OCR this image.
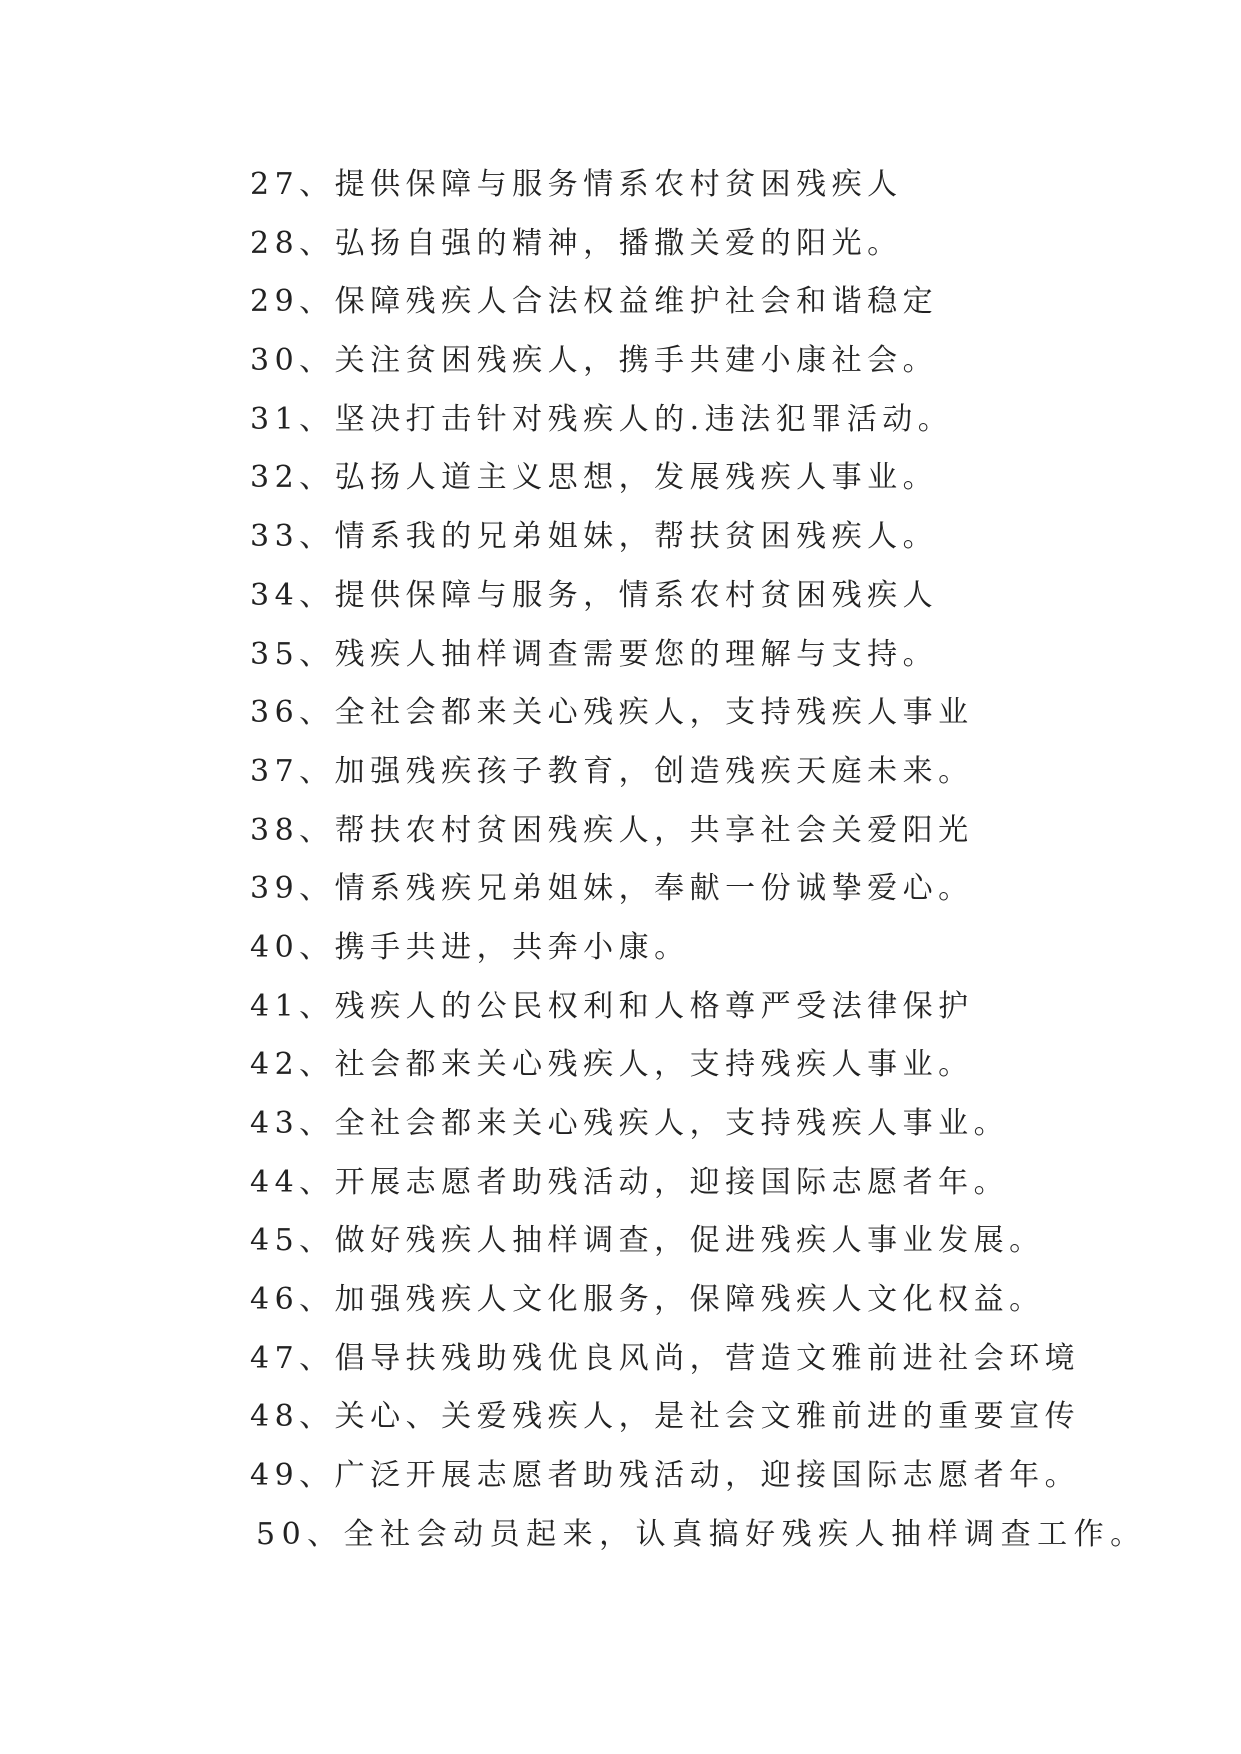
27、提供保障与服务情系农村贫困残疾人
28、弘扬自强的精神，播撒关爱的阳光。
29、保障残疾人合法权益维护社会和谐稳定
30、关注贫困残疾人，携手共建小康社会。
31、坚决打击针对残疾人的.违法犯罪活动。
32、弘扬人道主义思想，发展残疾人事业。
33、情系我的兄弟姐妹，帮扶贫困残疾人。
34、提供保障与服务，情系农村贫困残疾人
35、残疾人抽样调查需要您的理解与支持。
36、全社会都来关心残疾人，支持残疾人事业
37、加强残疾孩子教育，创造残疾天庭未来。
38、帮扶农村贫困残疾人，共享社会关爱阳光
39、情系残疾兄弟姐妹，奉献一份诚挚爱心。
40、携手共进，共奔小康。
41、残疾人的公民权利和人格尊严受法律保护
42、社会都来关心残疾人，支持残疾人事业。
43、全社会都来关心残疾人，支持残疾人事业。
44、开展志愿者助残活动，迎接国际志愿者年。
45、做好残疾人抽样调查，促进残疾人事业发展。
46、加强残疾人文化服务，保障残疾人文化权益。
47、倡导扶残助残优良风尚，营造文雅前进社会环境
48、关心、关爱残疾人，是社会文雅前进的重要宣传
49、广泛开展志愿者助残活动，迎接国际志愿者年。
50、全社会动员起来，认真搞好残疾人抽样调查工作。
